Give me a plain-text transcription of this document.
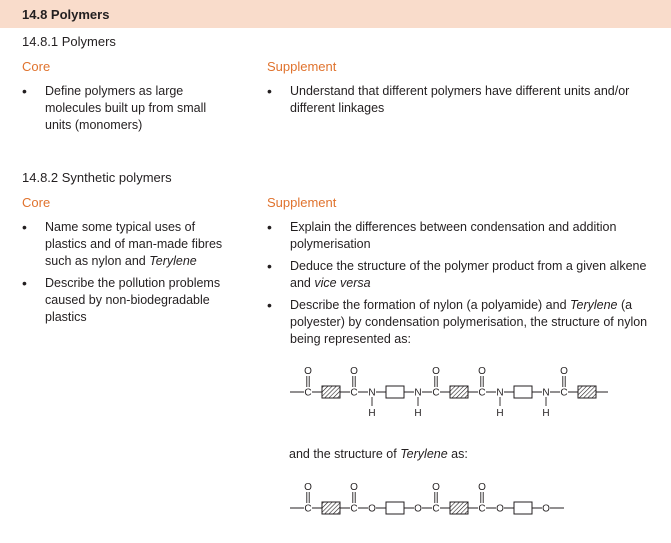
14.8 Polymers
14.8.1 Polymers
Core	Supplement
• Define polymers as large molecules built up from small units (monomers)
• Understand that different polymers have different units and/or different linkages
14.8.2 Synthetic polymers
Core	Supplement
• Name some typical uses of plastics and of man-made fibres such as nylon and Terylene
• Describe the pollution problems caused by non-biodegradable plastics
• Explain the differences between condensation and addition polymerisation
• Deduce the structure of the polymer product from a given alkene and vice versa
• Describe the formation of nylon (a polyamide) and Terylene (a polyester) by condensation polymerisation, the structure of nylon being represented as:
C
O
C
O
N
H
N
H
C
O
C
O
N
H
N
H
C
O
and the structure of Terylene as:
C
O
C
O
O	O C
O
C
O
O	O
